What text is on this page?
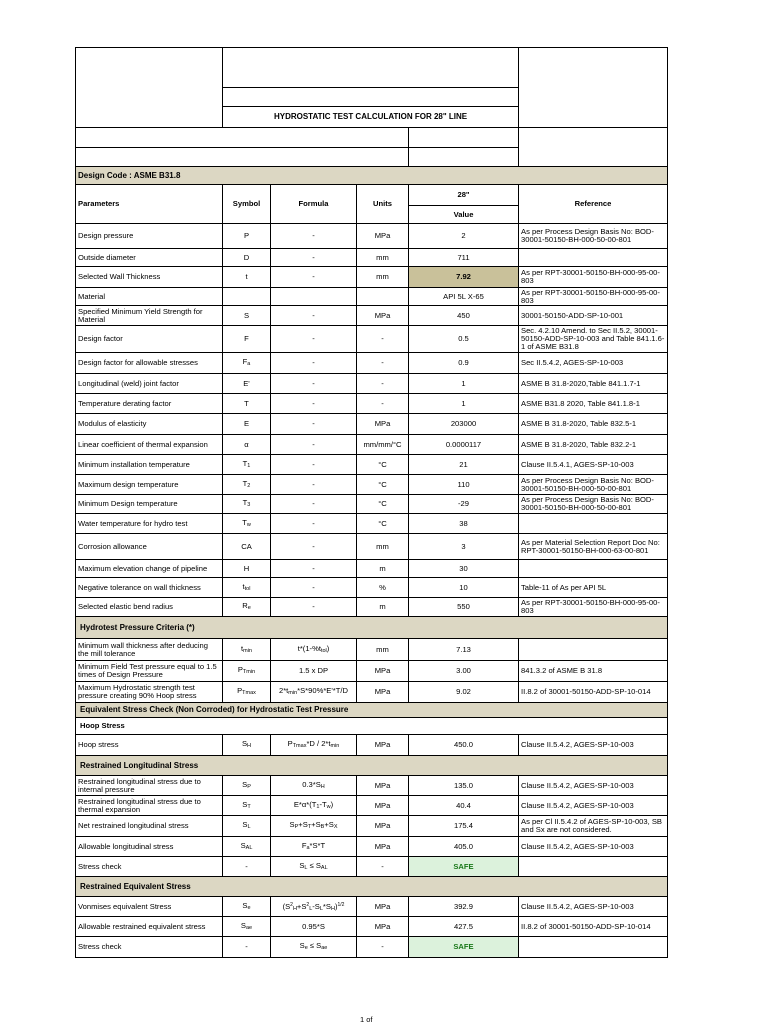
	HYDROSTATIC TEST CALCULATION FOR 28" LINE		

Design Code : ASME B31.8					
Parameters	Symbol	Formula	Units	28"	Reference
				Value	
Design pressure	P	-	MPa	2	As per Process Design Basis No: BOD-30001-50150-BH-000-50-00-801
Outside diameter	D	-	mm	711	
Selected Wall Thickness	t	-	mm	7.92	As per RPT-30001-50150-BH-000-95-00-803
Material				API 5L X-65	As per RPT-30001-50150-BH-000-95-00-803
Specified Minimum Yield Strength for Material	S	-	MPa	450	30001-50150-ADD-SP-10-001
Design factor	F	-	-	0.5	Sec. 4.2.10 Amend. to Sec II.5.2, 30001-50150-ADD-SP-10-003 and Table 841.1.6-1 of ASME B31.8
Design factor for allowable stresses	Fa	-	-	0.9	Sec II.5.4.2, AGES-SP-10-003
Longitudinal (weld) joint factor	E'	-	-	1	ASME B 31.8-2020,Table 841.1.7-1
Temperature derating factor	T	-	-	1	ASME B31.8 2020, Table 841.1.8-1
Modulus of elasticity	E	-	MPa	203000	ASME B 31.8-2020, Table 832.5-1
Linear coefficient of thermal expansion	α	-	mm/mm/°C	0.0000117	ASME B 31.8-2020, Table 832.2-1
Minimum installation temperature	T1	-	°C	21	Clause II.5.4.1, AGES-SP-10-003
Maximum design temperature	T2	-	°C	110	As per Process Design Basis No: BOD-30001-50150-BH-000-50-00-801
Minimum Design temperature	T3	-	°C	-29	As per Process Design Basis No: BOD-30001-50150-BH-000-50-00-801
Water temperature for hydro test	Tw	-	°C	38	
Corrosion allowance	CA	-	mm	3	As per Material Selection Report Doc No: RPT-30001-50150-BH-000-63-00-801
Maximum elevation change of pipeline	H	-	m	30	
Negative tolerance on wall thickness	ttol	-	%	10	Table-11 of As per API 5L
Selected elastic bend radius	Re	-	m	550	As per RPT-30001-50150-BH-000-95-00-803
Hydrotest Pressure Criteria (*)					
Minimum wall thickness after deducing the mill tolerance	tmin	t*(1-%ttol)	mm	7.13	
Minimum Field Test pressure equal to 1.5 times of Design Pressure	PTmin	1.5 x DP	MPa	3.00	841.3.2 of ASME B 31.8
Maximum Hydrostatic strength test pressure creating 90% Hoop stress	PTmax	2*tmin*S*90%*E'*T/D	MPa	9.02	II.8.2 of 30001-50150-ADD-SP-10-014
Equivalent Stress Check (Non Corroded) for Hydrostatic Test Pressure					
Hoop Stress					
Hoop stress	SH	PTmax*D / 2*tmin	MPa	450.0	Clause II.5.4.2, AGES-SP-10-003
Restrained Longitudinal Stress					
Restrained longitudinal stress due to internal pressure	SP	0.3*SH	MPa	135.0	Clause II.5.4.2, AGES-SP-10-003
Restrained longitudinal stress due to thermal expansion	ST	E*α*(T1-Tw)	MPa	40.4	Clause II.5.4.2, AGES-SP-10-003
Net restrained longitudinal stress	SL	SP+ST+SB+SX	MPa	175.4	As per Cl II.5.4.2 of AGES-SP-10-003, SB and Sx are not considered.
Allowable longitudinal stress	SAL	Fa*S*T	MPa	405.0	Clause II.5.4.2, AGES-SP-10-003
Stress check	-	SL ≤ SAL	-	SAFE	
Restrained Equivalent Stress					
Vonmises equivalent Stress	Se	$(S^2H+S^2L-SL*SH)^{1/2}$	MPa	392.9	Clause II.5.4.2, AGES-SP-10-003
Allowable restrained equivalent stress	Sae	0.95*S	MPa	427.5	II.8.2 of 30001-50150-ADD-SP-10-014
Stress check	-	Se ≤ Sae	-	SAFE	
1 of
